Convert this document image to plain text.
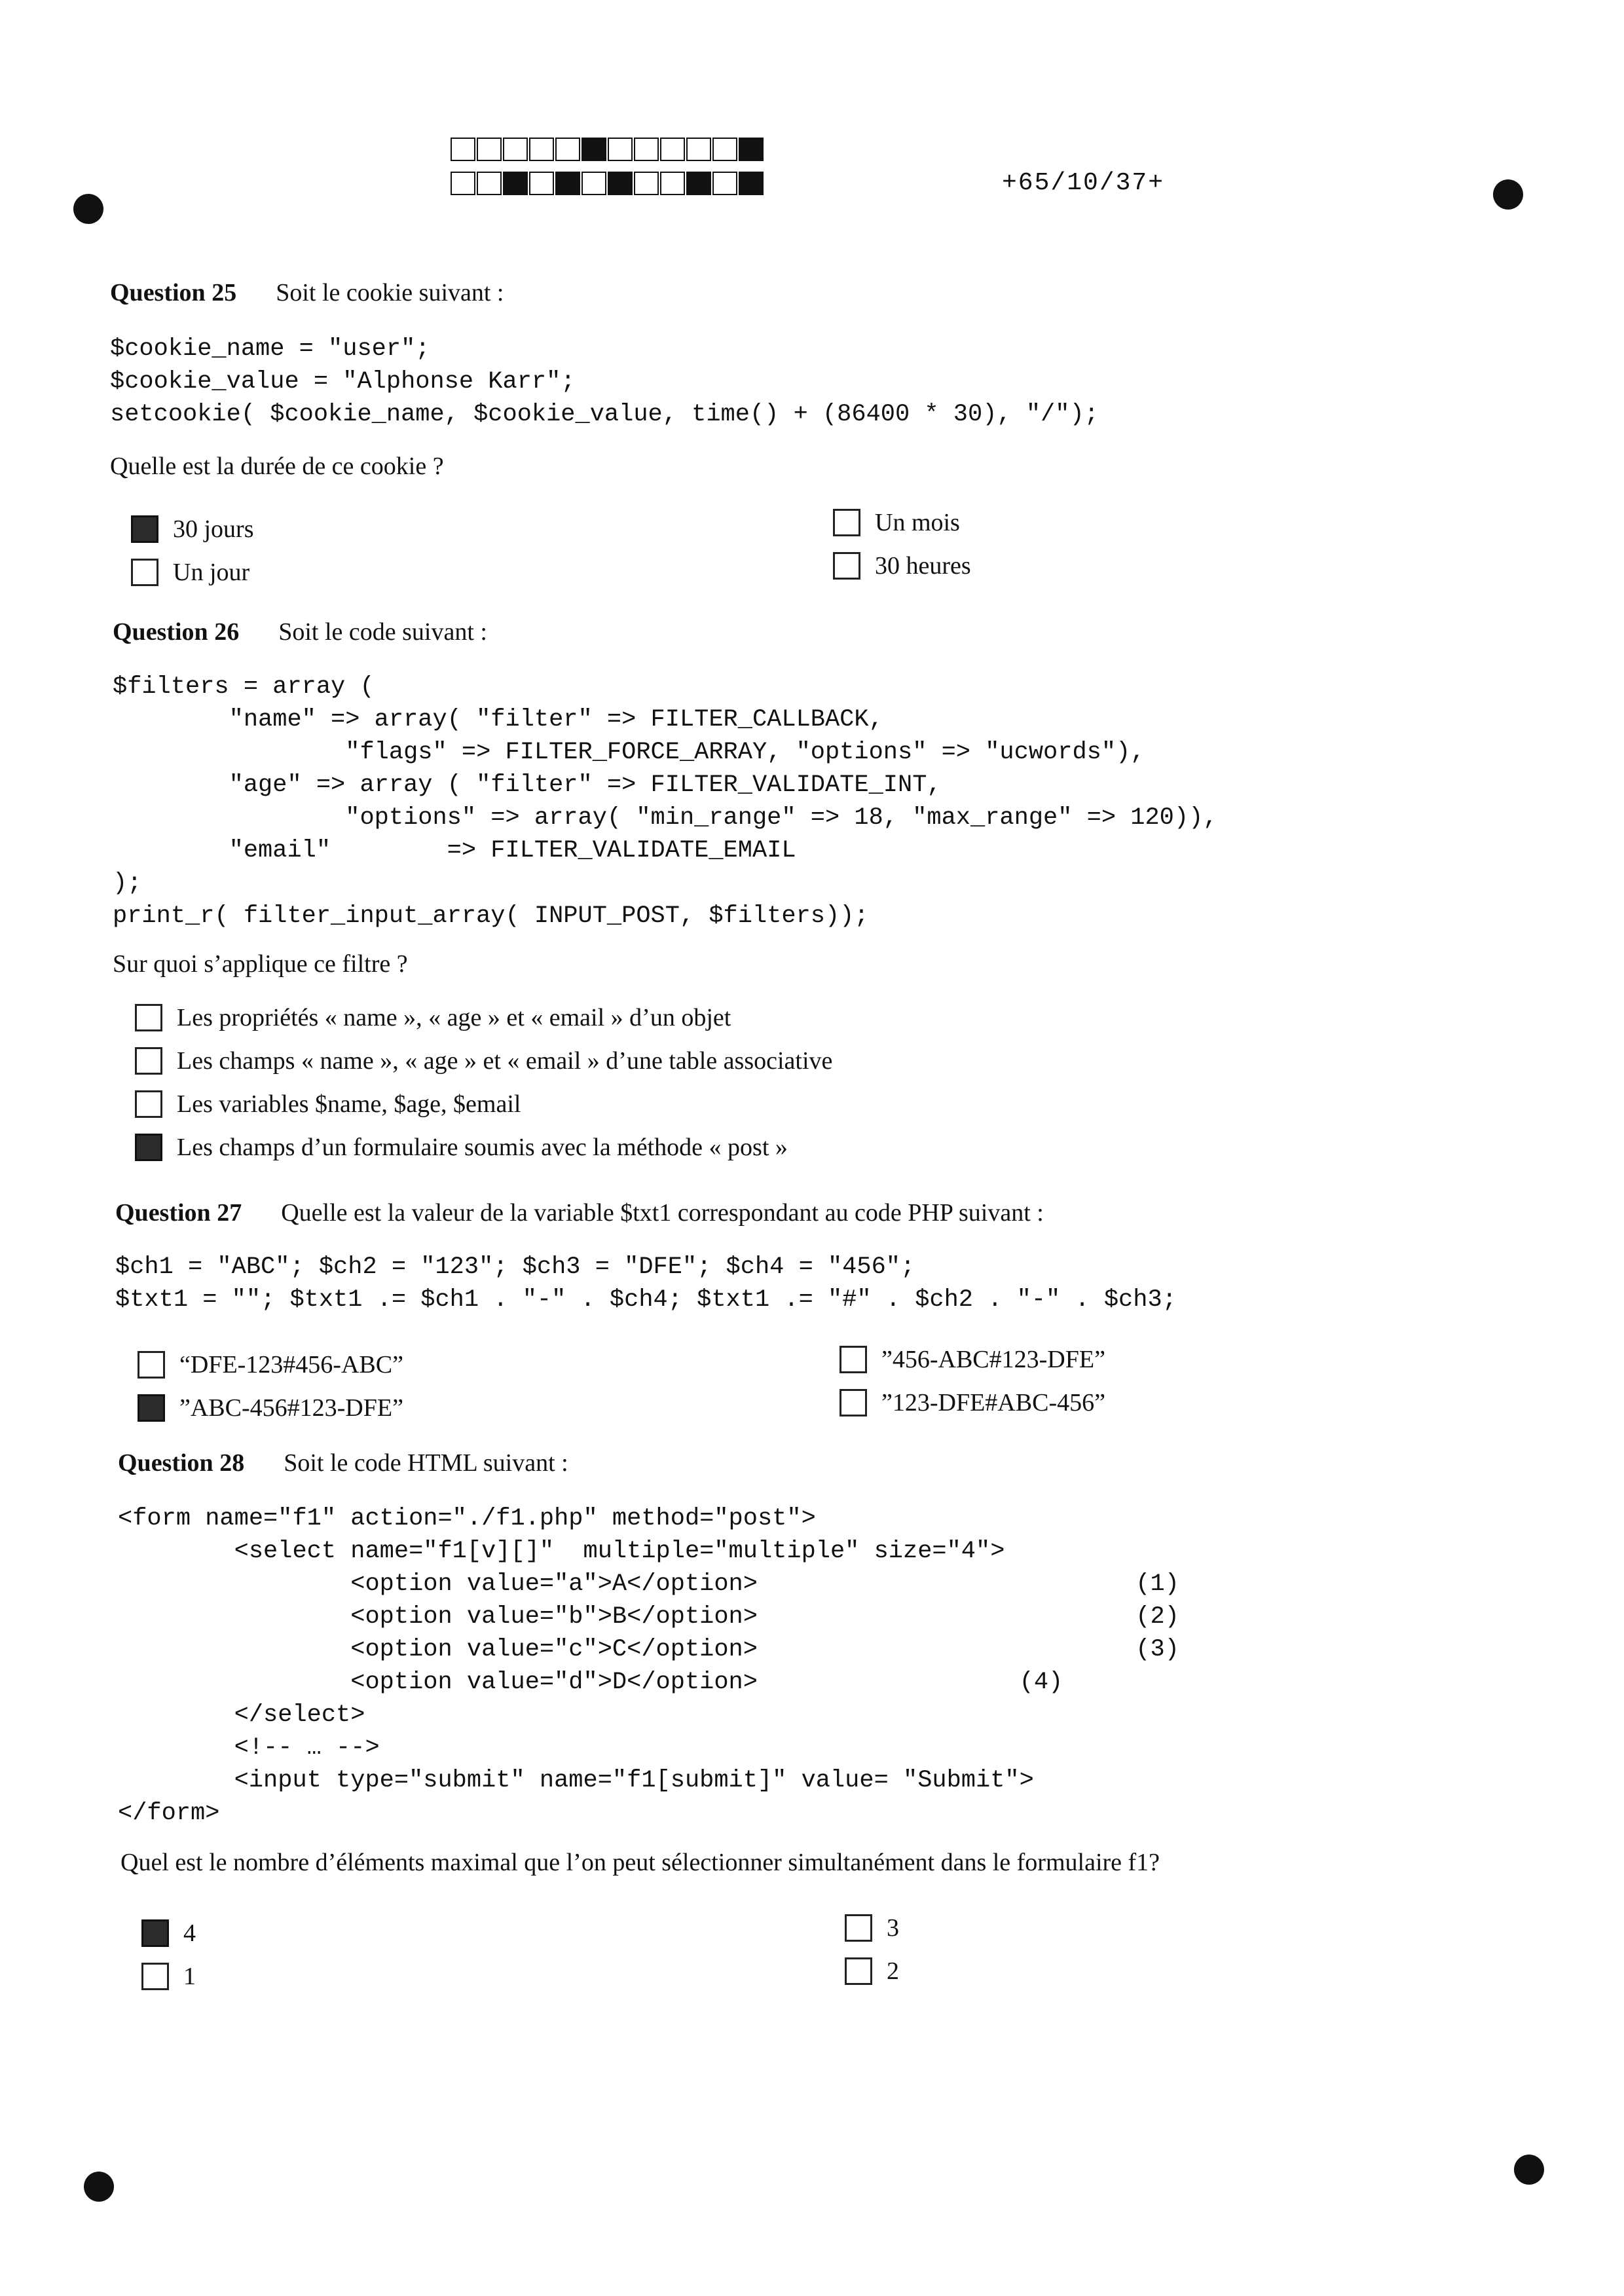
+65/10/37+
Question 25 Soit le cookie suivant :
$cookie_name = "user";
$cookie_value = "Alphonse Karr";
setcookie( $cookie_name, $cookie_value, time() + (86400 * 30), "/");
Quelle est la durée de ce cookie ?
30 jours
Un jour
Un mois
30 heures
Question 26 Soit le code suivant :
$filters = array (
"name" => array( "filter" => FILTER_CALLBACK,
"flags" => FILTER_FORCE_ARRAY, "options" => "ucwords"),
"age" => array ( "filter" => FILTER_VALIDATE_INT,
"options" => array( "min_range" => 18, "max_range" => 120)),
"email"        => FILTER_VALIDATE_EMAIL
);
print_r( filter_input_array( INPUT_POST, $filters));
Sur quoi s’applique ce filtre ?
Les propriétés « name », « age » et « email » d’un objet
Les champs « name », « age » et « email » d’une table associative
Les variables $name, $age, $email
Les champs d’un formulaire soumis avec la méthode « post »
Question 27 Quelle est la valeur de la variable $txt1 correspondant au code PHP suivant :
$ch1 = "ABC"; $ch2 = "123"; $ch3 = "DFE"; $ch4 = "456";
$txt1 = ""; $txt1 .= $ch1 . "-" . $ch4; $txt1 .= "#" . $ch2 . "-" . $ch3;
“DFE-123#456-ABC”
”ABC-456#123-DFE”
”456-ABC#123-DFE”
”123-DFE#ABC-456”
Question 28 Soit le code HTML suivant :
<form name="f1" action="./f1.php" method="post">
<select name="f1[v][]"  multiple="multiple" size="4">
<option value="a">A</option>                          (1)
<option value="b">B</option>                          (2)
<option value="c">C</option>                          (3)
<option value="d">D</option>                  (4)
</select>
<!-- … -->
<input type="submit" name="f1[submit]" value= "Submit">
</form>
Quel est le nombre d’éléments maximal que l’on peut sélectionner simultanément dans le formulaire f1?
4
1
3
2
